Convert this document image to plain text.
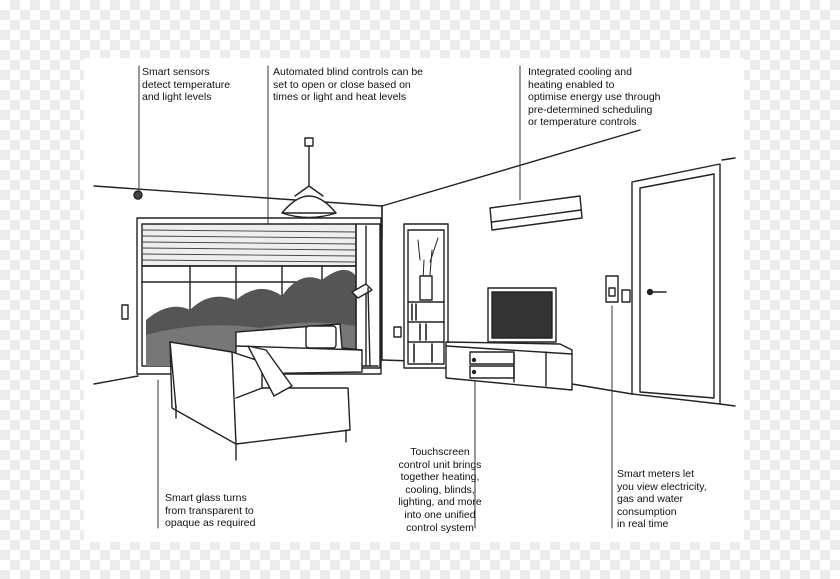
Smart sensors
detect temperature
and light levels

Automated blind controls can be
set to open or close based on
times or light and heat levels

Integrated cooling and
heating enabled to
optimise energy use through
pre-determined scheduling
or temperature controls

Touchscreen
control unit brings
together heating,
cooling, blinds,
lighting, and more
into one unified
control system

Smart glass turns
from transparent to
opaque as required

Smart meters let
you view electricity,
gas and water
consumption
in real time
